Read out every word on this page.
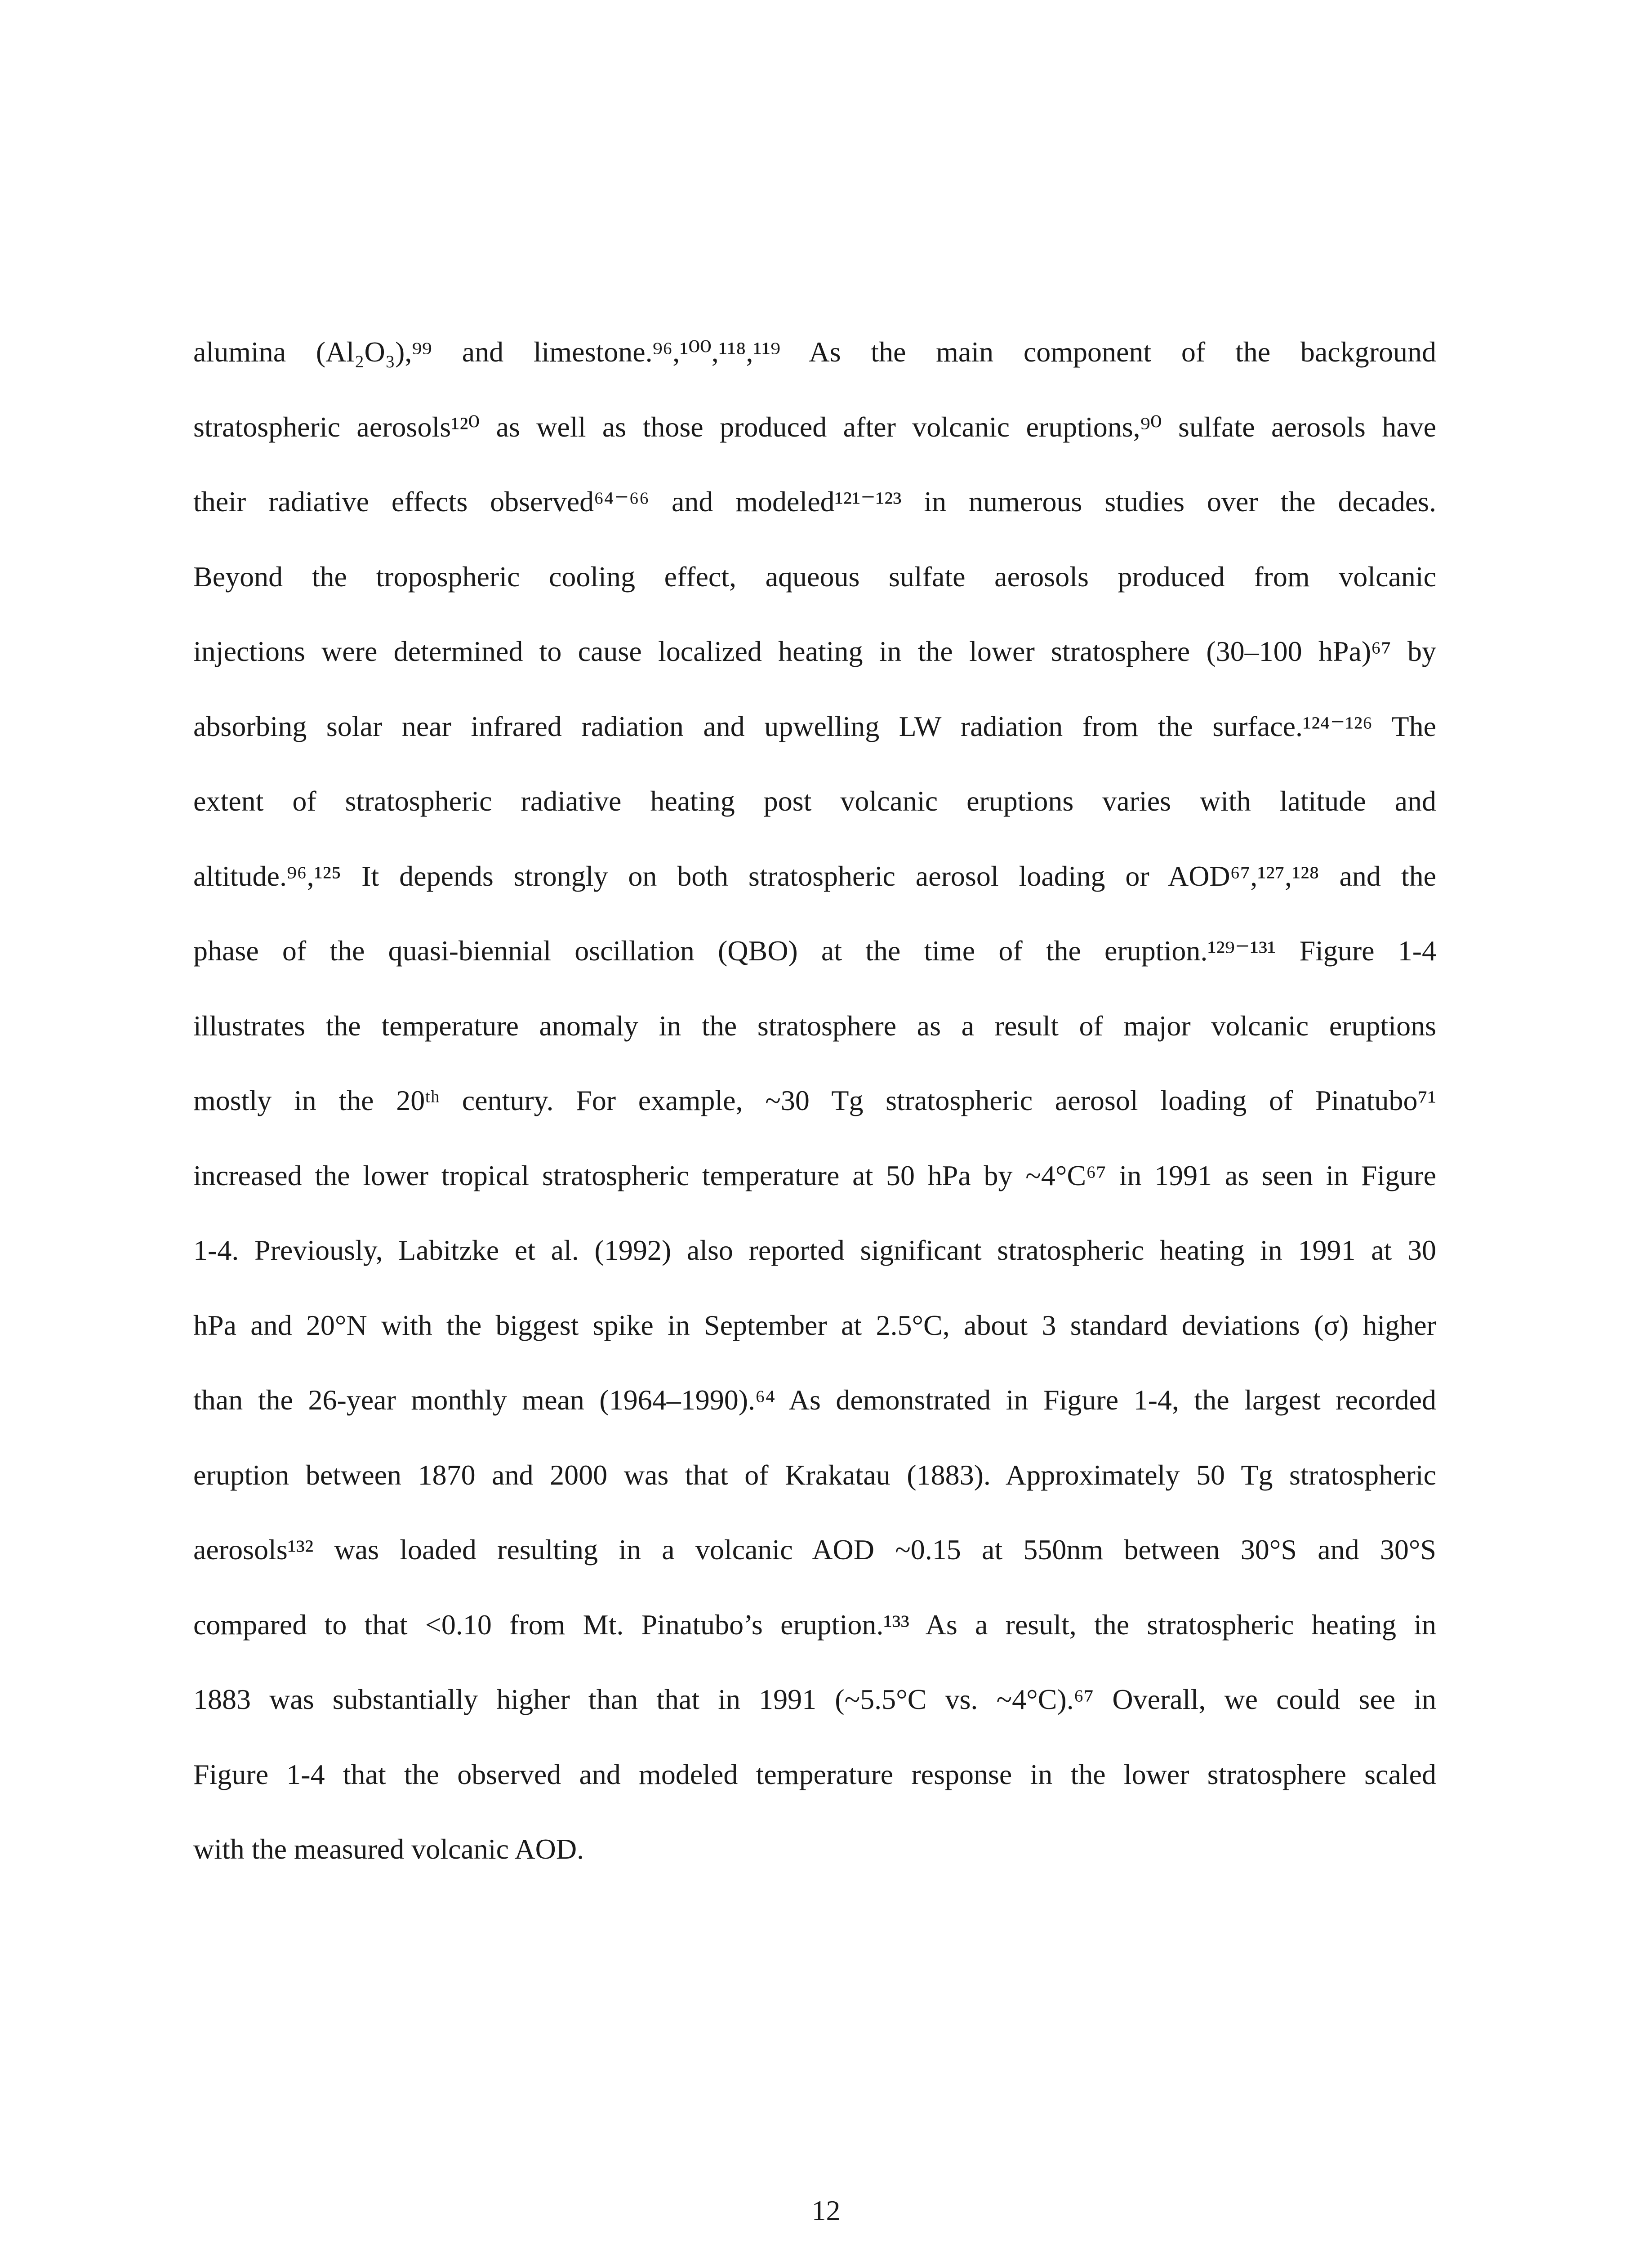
alumina (Al₂O₃),⁹⁹ and limestone.⁹⁶,¹⁰⁰,¹¹⁸,¹¹⁹ As the main component of the background
stratospheric aerosols¹²⁰ as well as those produced after volcanic eruptions,⁹⁰ sulfate aerosols have
their radiative effects observed⁶⁴⁻⁶⁶ and modeled¹²¹⁻¹²³ in numerous studies over the decades.
Beyond the tropospheric cooling effect, aqueous sulfate aerosols produced from volcanic
injections were determined to cause localized heating in the lower stratosphere (30–100 hPa)⁶⁷ by
absorbing solar near infrared radiation and upwelling LW radiation from the surface.¹²⁴⁻¹²⁶ The
extent of stratospheric radiative heating post volcanic eruptions varies with latitude and
altitude.⁹⁶,¹²⁵ It depends strongly on both stratospheric aerosol loading or AOD⁶⁷,¹²⁷,¹²⁸ and the
phase of the quasi-biennial oscillation (QBO) at the time of the eruption.¹²⁹⁻¹³¹ Figure 1-4
illustrates the temperature anomaly in the stratosphere as a result of major volcanic eruptions
mostly in the 20ᵗʰ century. For example, ~30 Tg stratospheric aerosol loading of Pinatubo⁷¹
increased the lower tropical stratospheric temperature at 50 hPa by ~4°C⁶⁷ in 1991 as seen in Figure
1-4. Previously, Labitzke et al. (1992) also reported significant stratospheric heating in 1991 at 30
hPa and 20°N with the biggest spike in September at 2.5°C, about 3 standard deviations (σ) higher
than the 26-year monthly mean (1964–1990).⁶⁴ As demonstrated in Figure 1-4, the largest recorded
eruption between 1870 and 2000 was that of Krakatau (1883). Approximately 50 Tg stratospheric
aerosols¹³² was loaded resulting in a volcanic AOD ~0.15 at 550nm between 30°S and 30°S
compared to that <0.10 from Mt. Pinatubo’s eruption.¹³³ As a result, the stratospheric heating in
1883 was substantially higher than that in 1991 (~5.5°C vs. ~4°C).⁶⁷ Overall, we could see in
Figure 1-4 that the observed and modeled temperature response in the lower stratosphere scaled
with the measured volcanic AOD.
12
